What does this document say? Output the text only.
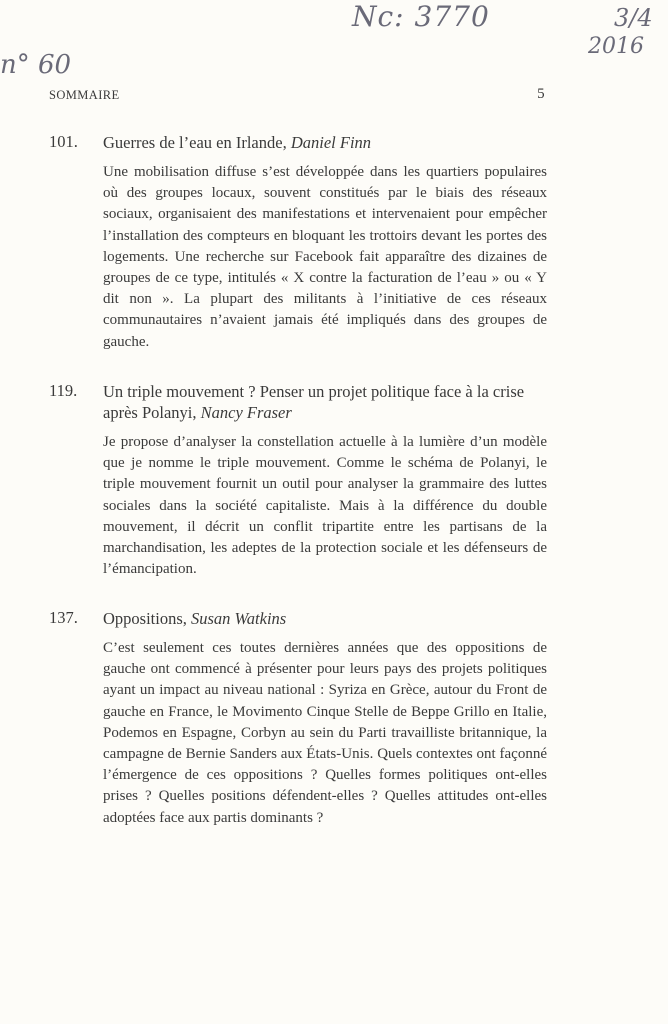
Nc: 3770
n° 60
3/4
2016
SOMMAIRE	5
101. Guerres de l’eau en Irlande, Daniel Finn
Une mobilisation diffuse s’est développée dans les quartiers populaires où des groupes locaux, souvent constitués par le biais des réseaux sociaux, organisaient des manifestations et intervenaient pour empêcher l’installation des compteurs en bloquant les trottoirs devant les portes des logements. Une recherche sur Facebook fait apparaître des dizaines de groupes de ce type, intitulés « X contre la facturation de l’eau » ou « Y dit non ». La plupart des militants à l’initiative de ces réseaux communautaires n’avaient jamais été impliqués dans des groupes de gauche.
119. Un triple mouvement ? Penser un projet politique face à la crise après Polanyi, Nancy Fraser
Je propose d’analyser la constellation actuelle à la lumière d’un modèle que je nomme le triple mouvement. Comme le schéma de Polanyi, le triple mouvement fournit un outil pour analyser la grammaire des luttes sociales dans la société capitaliste. Mais à la différence du double mouvement, il décrit un conflit tripartite entre les partisans de la marchandisation, les adeptes de la protection sociale et les défenseurs de l’émancipation.
137. Oppositions, Susan Watkins
C’est seulement ces toutes dernières années que des oppositions de gauche ont commencé à présenter pour leurs pays des projets politiques ayant un impact au niveau national : Syriza en Grèce, autour du Front de gauche en France, le Movimento Cinque Stelle de Beppe Grillo en Italie, Podemos en Espagne, Corbyn au sein du Parti travailliste britannique, la campagne de Bernie Sanders aux États-Unis. Quels contextes ont façonné l’émergence de ces oppositions ? Quelles formes politiques ont-elles prises ? Quelles positions défendent-elles ? Quelles attitudes ont-elles adoptées face aux partis dominants ?
